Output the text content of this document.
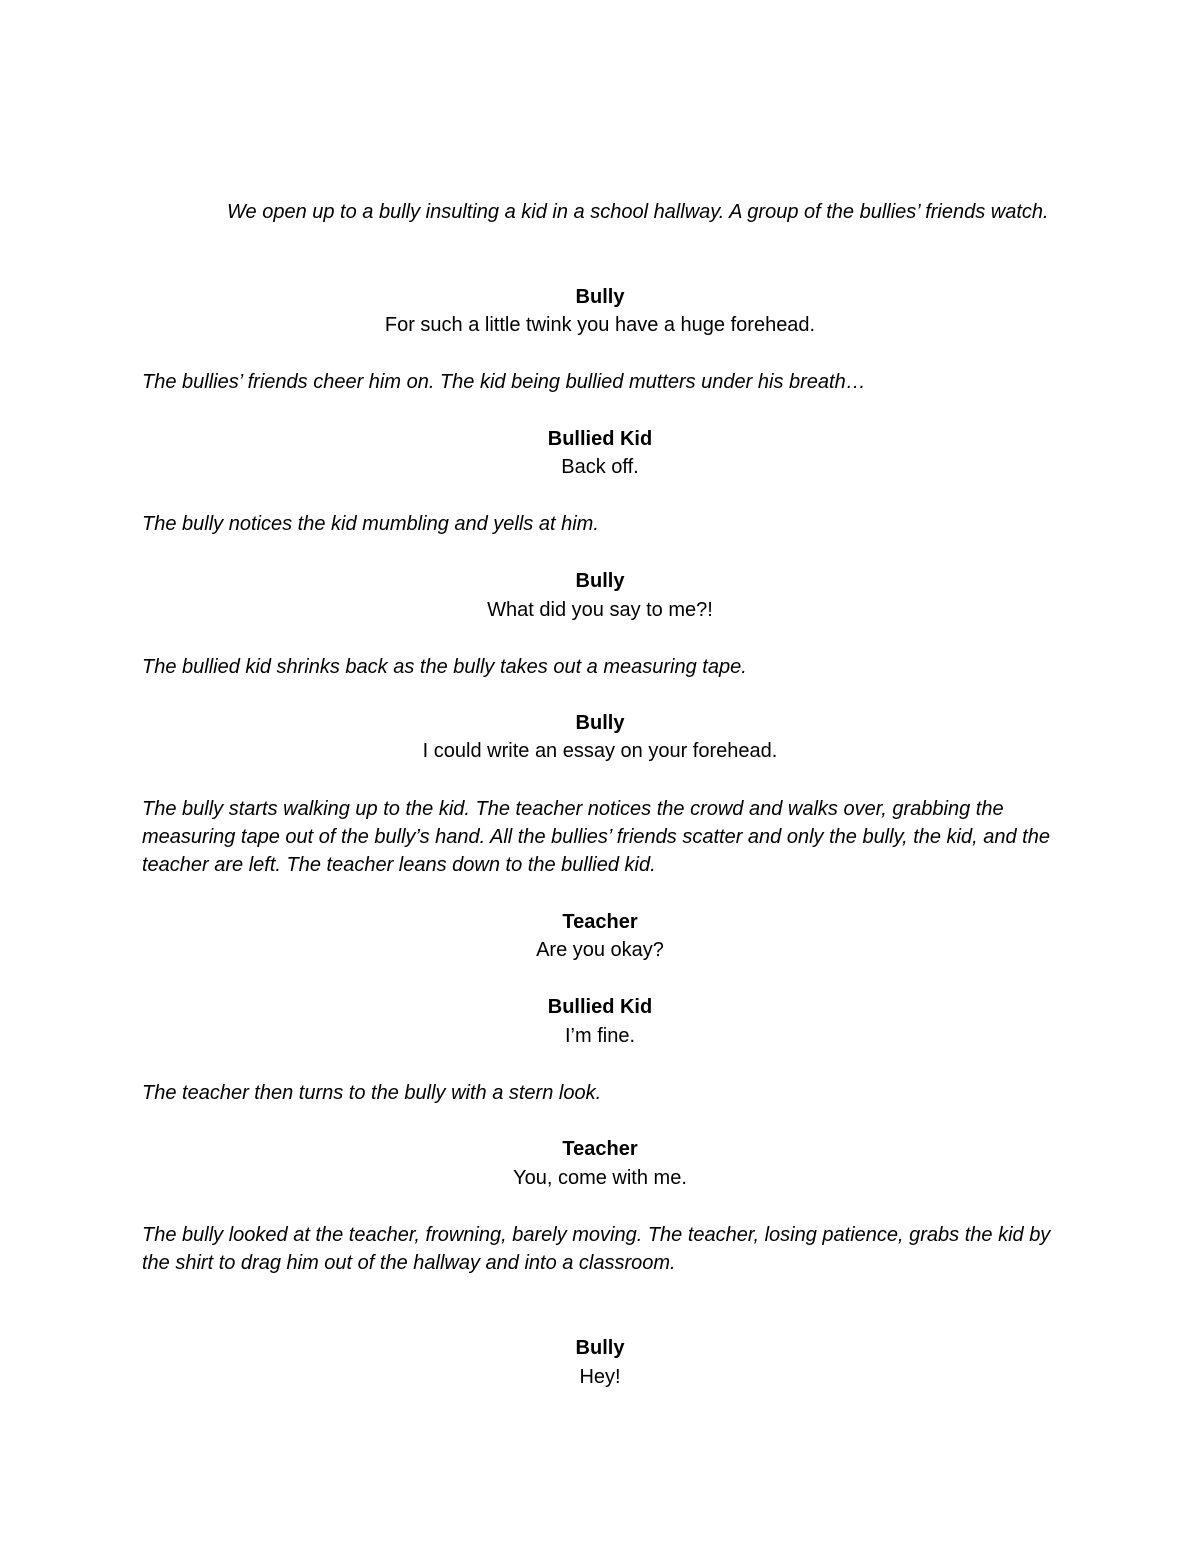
We open up to a bully insulting a kid in a school hallway. A group of the bullies’ friends watch.

Bully

For such a little twink you have a huge forehead.

The bullies’ friends cheer him on. The kid being bullied mutters under his breath…

Bullied Kid

Back off.

The bully notices the kid mumbling and yells at him.

Bully

What did you say to me?!

The bullied kid shrinks back as the bully takes out a measuring tape.

Bully

I could write an essay on your forehead.

The bully starts walking up to the kid. The teacher notices the crowd and walks over, grabbing the measuring tape out of the bully’s hand. All the bullies’ friends scatter and only the bully, the kid, and the teacher are left. The teacher leans down to the bullied kid.

Teacher

Are you okay?

Bullied Kid

I’m fine.

The teacher then turns to the bully with a stern look.

Teacher

You, come with me.

The bully looked at the teacher, frowning, barely moving. The teacher, losing patience, grabs the kid by the shirt to drag him out of the hallway and into a classroom.

Bully

Hey!
